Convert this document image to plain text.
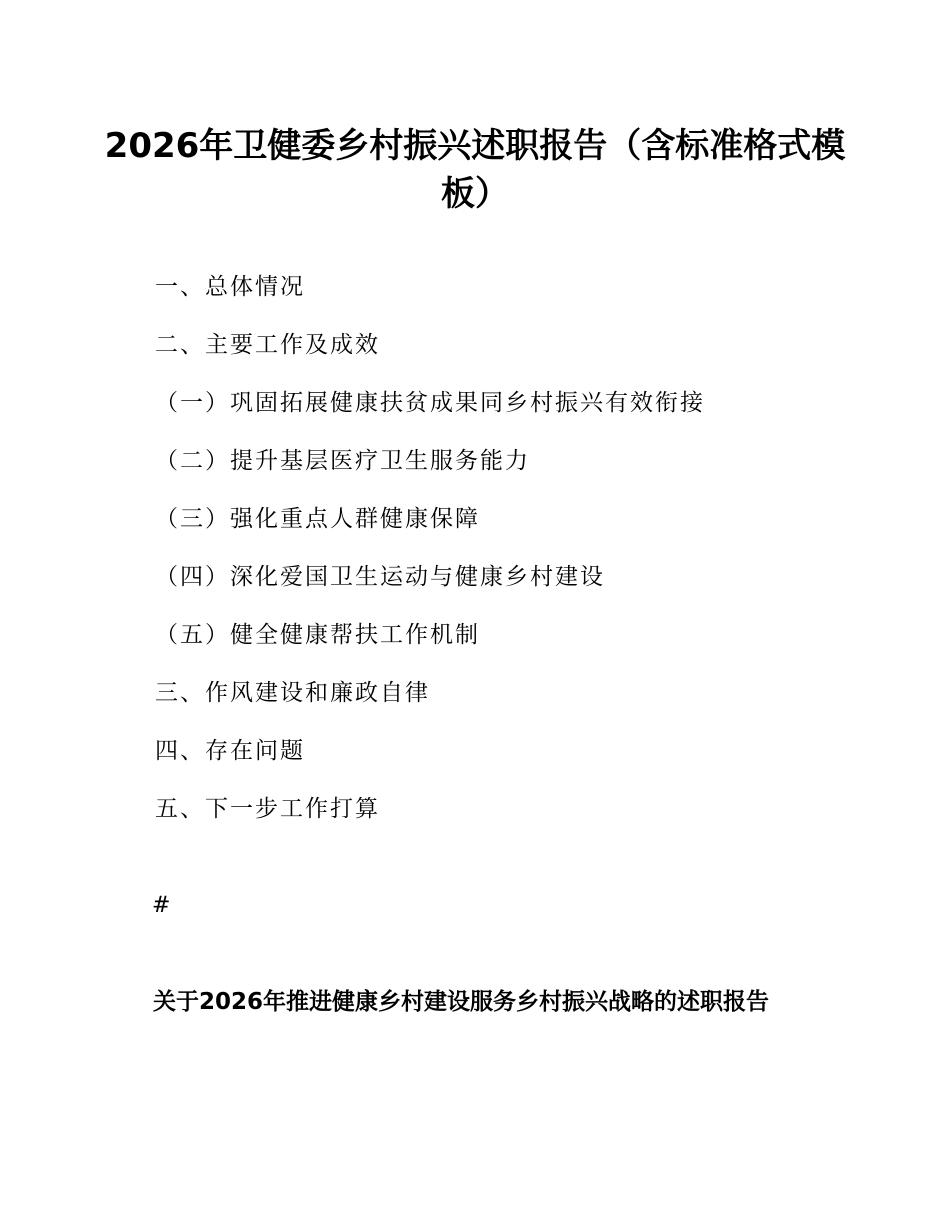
2026年卫健委乡村振兴述职报告（含标准格式模板）
一、总体情况
二、主要工作及成效
（一）巩固拓展健康扶贫成果同乡村振兴有效衔接
（二）提升基层医疗卫生服务能力
（三）强化重点人群健康保障
（四）深化爱国卫生运动与健康乡村建设
（五）健全健康帮扶工作机制
三、作风建设和廉政自律
四、存在问题
五、下一步工作打算
#
关于2026年推进健康乡村建设服务乡村振兴战略的述职报告
